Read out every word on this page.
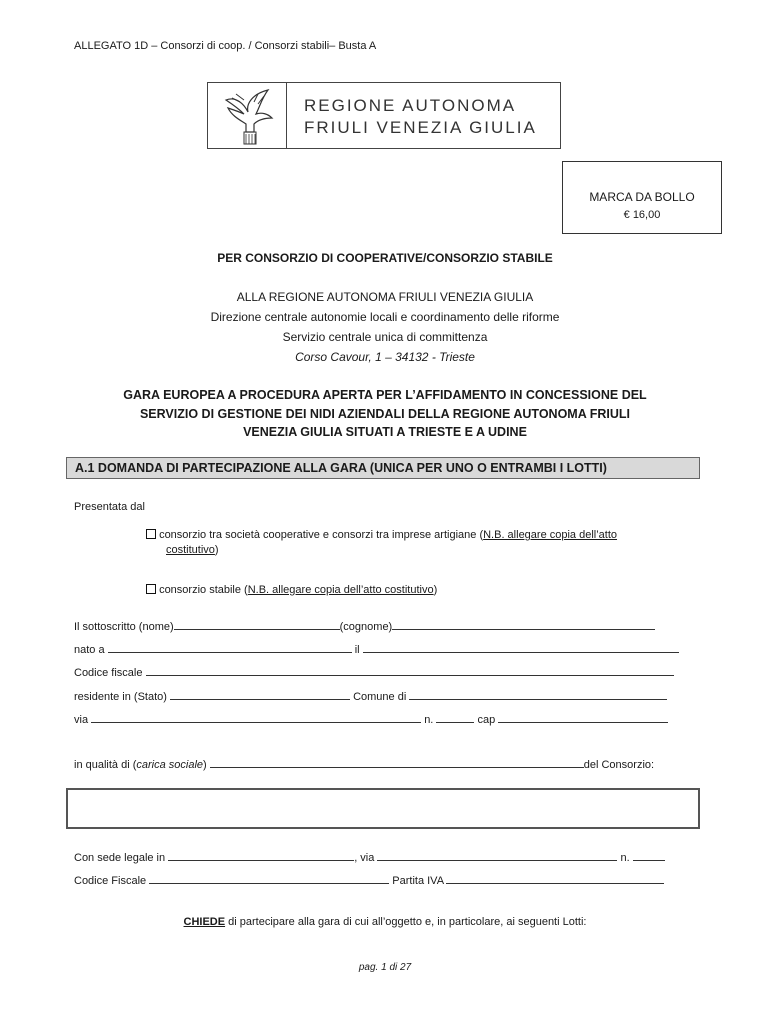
ALLEGATO 1D – Consorzi di coop. / Consorzi stabili– Busta A
REGIONE AUTONOMA
FRIULI VENEZIA GIULIA
MARCA DA BOLLO
€ 16,00
PER CONSORZIO DI COOPERATIVE/CONSORZIO STABILE
ALLA REGIONE AUTONOMA FRIULI VENEZIA GIULIA
Direzione centrale autonomie locali e coordinamento delle riforme
Servizio centrale unica di committenza
Corso Cavour, 1 – 34132 - Trieste
GARA EUROPEA A PROCEDURA APERTA PER L’AFFIDAMENTO IN CONCESSIONE DEL
SERVIZIO DI GESTIONE DEI NIDI AZIENDALI DELLA REGIONE AUTONOMA FRIULI
VENEZIA GIULIA SITUATI A TRIESTE E A UDINE
A.1 DOMANDA DI PARTECIPAZIONE ALLA GARA (UNICA PER UNO O ENTRAMBI I LOTTI)
Presentata dal
consorzio tra società cooperative e consorzi tra imprese artigiane (N.B. allegare copia dell’atto
costitutivo)
consorzio stabile (N.B. allegare copia dell’atto costitutivo)
Il sottoscritto (nome)	(cognome)
nato a	il
Codice fiscale
residente in (Stato)	Comune di
via	n.	cap
in qualità di (carica sociale)	del Consorzio:
Con sede legale in	, via	n.
Codice Fiscale	Partita IVA
CHIEDE di partecipare alla gara di cui all’oggetto e, in particolare, ai seguenti Lotti:
pag. 1 di 27
